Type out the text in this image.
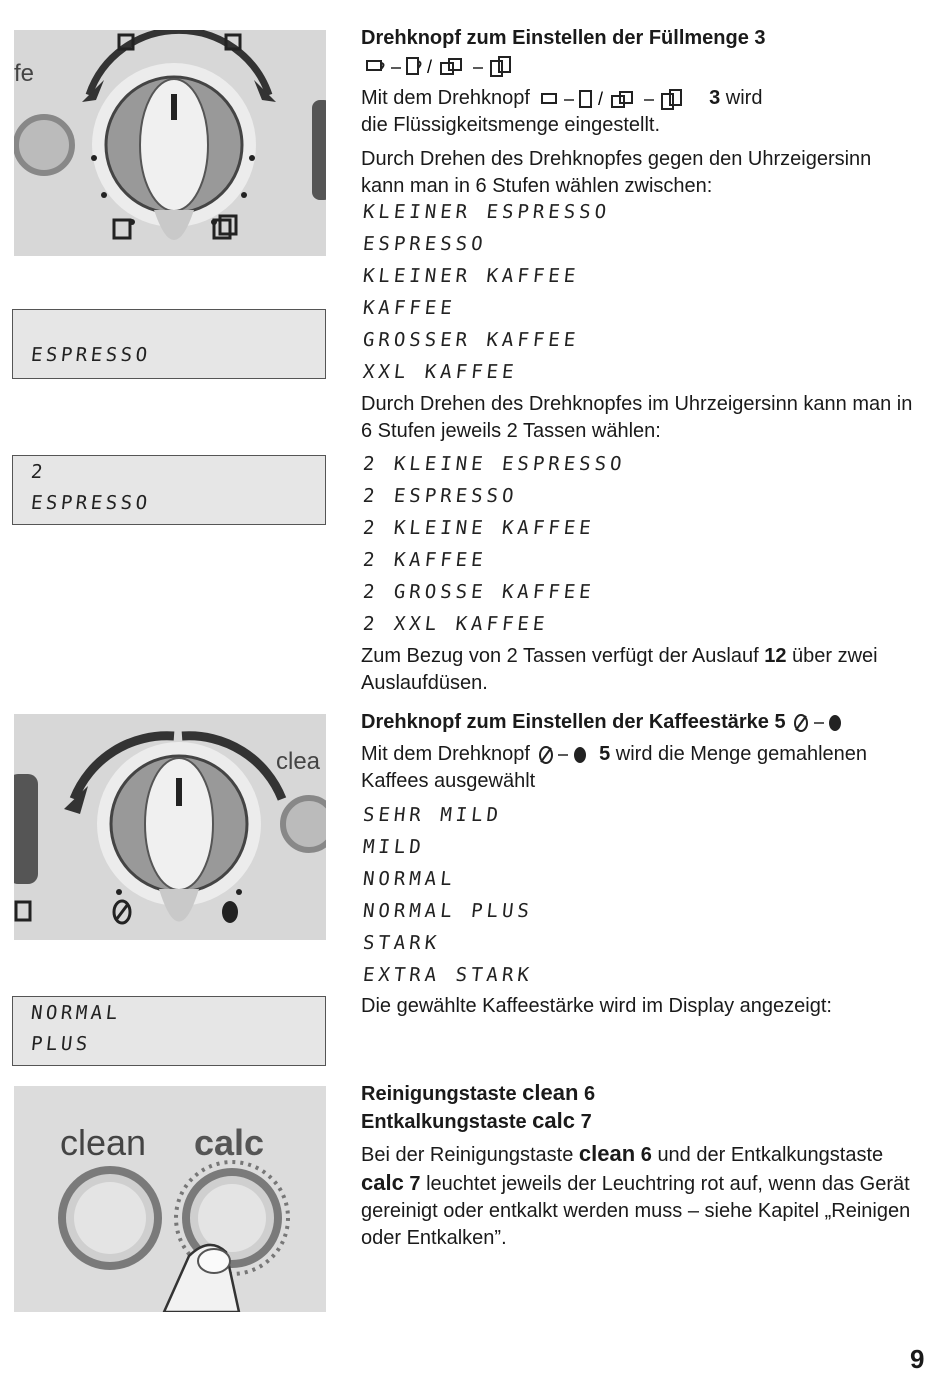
fe
ESPRESSO
2
ESPRESSO
clea
NORMAL
PLUS
clean calc
Drehknopf zum Einstellen der Füllmenge 3
/
Mit dem Drehknopf	/	3 wird
die Flüssigkeitsmenge eingestellt.
Durch Drehen des Drehknopfes gegen den Uhrzeigersinn kann man in 6 Stufen wählen zwischen:
KLEINER ESPRESSO
ESPRESSO
KLEINER KAFFEE
KAFFEE
GROSSER KAFFEE
XXL KAFFEE
Durch Drehen des Drehknopfes im Uhrzeigersinn kann man in 6 Stufen jeweils 2 Tassen wählen:
2 KLEINE ESPRESSO
2 ESPRESSO
2 KLEINE KAFFEE
2 KAFFEE
2 GROSSE KAFFEE
2 XXL KAFFEE
Zum Bezug von 2 Tassen verfügt der Auslauf 12 über zwei Auslaufdüsen.
Drehknopf zum Einstellen der Kaffeestärke 5
Mit dem Drehknopf	5 wird die Menge gemahlenen Kaffees ausgewählt
SEHR MILD
MILD
NORMAL
NORMAL PLUS
STARK
EXTRA STARK
Die gewählte Kaffeestärke wird im Display angezeigt:
Reinigungstaste clean 6
Entkalkungstaste calc 7
Bei der Reinigungstaste clean 6 und der Entkalkungstaste calc 7 leuchtet jeweils der Leuchtring rot auf, wenn das Gerät gereinigt oder entkalkt werden muss – siehe Kapitel „Reinigen oder Entkalken”.
9
